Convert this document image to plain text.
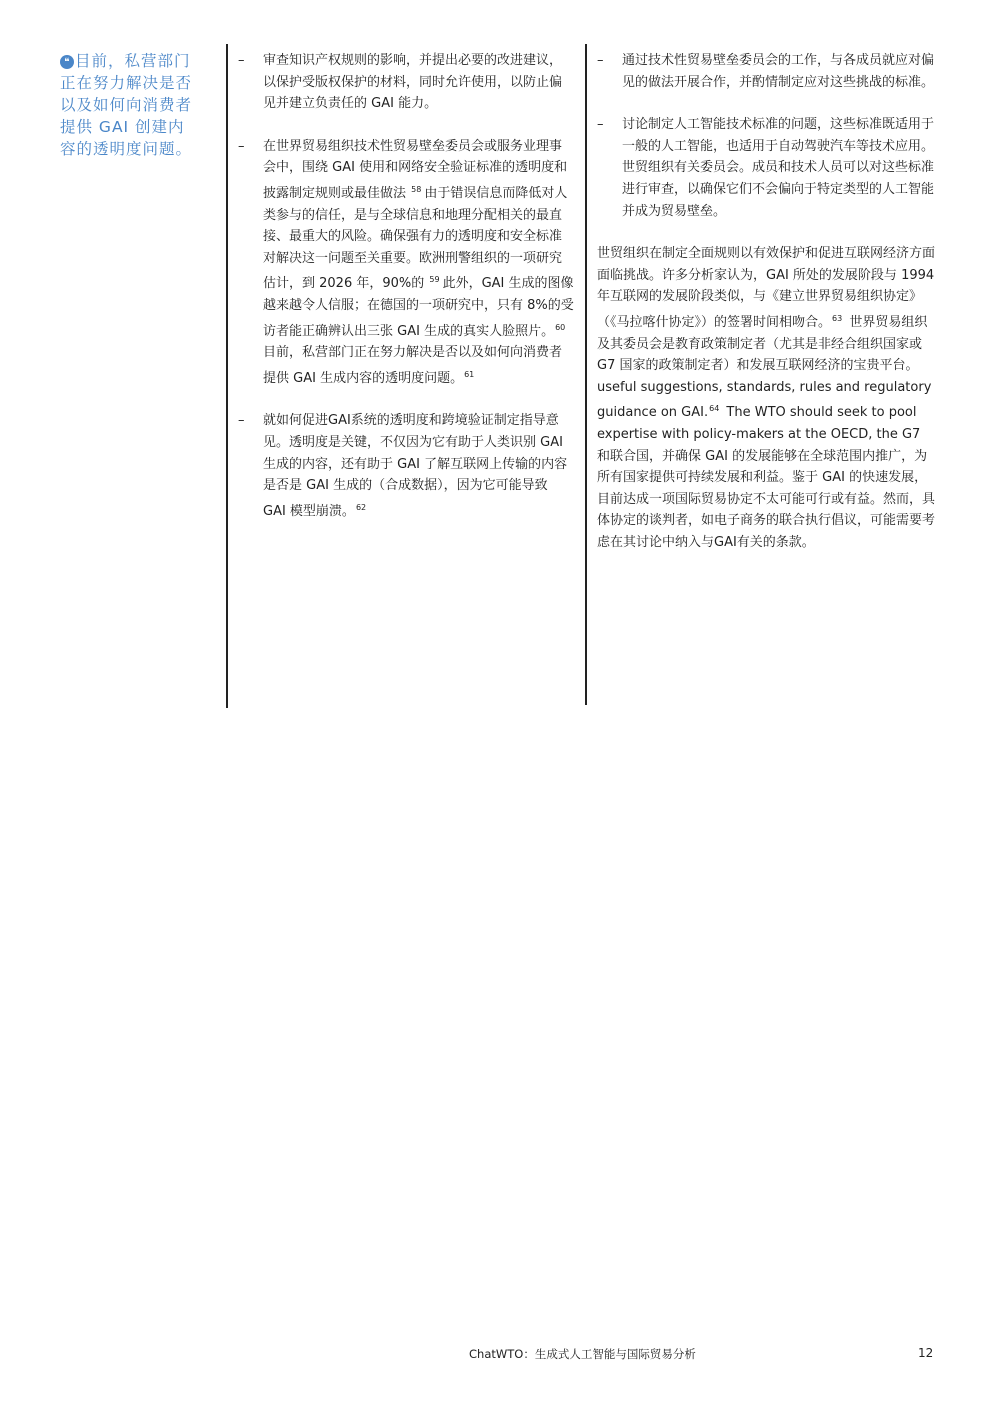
❝ 目前，私营部门正在努力解决是否以及如何向消费者提供 GAI 创建内容的透明度问题。
– 审查知识产权规则的影响，并提出必要的改进建议，以保护受版权保护的材料，同时允许使用，以防止偏见并建立负责任的 GAI 能力。
– 在世界贸易组织技术性贸易壁垒委员会或服务业理事会中，围绕 GAI 使用和网络安全验证标准的透明度和披露制定规则或最佳做法 $^{58}$ 由于错误信息而降低对人类参与的信任，是与全球信息和地理分配相关的最直接、最重大的风险。确保强有力的透明度和安全标准对解决这一问题至关重要。欧洲刑警组织的一项研究估计，到 2026 年，90%的 $^{59}$ 此外，GAI 生成的图像越来越令人信服；在德国的一项研究中，只有 8%的受访者能正确辨认出三张 GAI 生成的真实人脸照片。$^{60}$目前，私营部门正在努力解决是否以及如何向消费者提供 GAI 生成内容的透明度问题。$^{61}$
– 就如何促进GAI系统的透明度和跨境验证制定指导意见。透明度是关键，不仅因为它有助于人类识别 GAI 生成的内容，还有助于 GAI 了解互联网上传输的内容是否是 GAI 生成的（合成数据），因为它可能导致 GAI 模型崩溃。$^{62}$
– 通过技术性贸易壁垒委员会的工作，与各成员就应对偏见的做法开展合作，并酌情制定应对这些挑战的标准。
– 讨论制定人工智能技术标准的问题，这些标准既适用于一般的人工智能，也适用于自动驾驶汽车等技术应用。
世贸组织有关委员会。成员和技术人员可以对这些标准进行审查，以确保它们不会偏向于特定类型的人工智能并成为贸易壁垒。
世贸组织在制定全面规则以有效保护和促进互联网经济方面面临挑战。许多分析家认为，GAI 所处的发展阶段与 1994 年互联网的发展阶段类似，与《建立世界贸易组织协定》（《马拉喀什协定》）的签署时间相吻合。$^{63}$ 世界贸易组织及其委员会是教育政策制定者（尤其是非经合组织国家或 G7 国家的政策制定者）和发展互联网经济的宝贵平台。 useful suggestions, standards, rules and regulatory guidance on GAI.$^{64}$ The WTO should seek to pool expertise with policy-makers at the OECD, the G7 和联合国，并确保 GAI 的发展能够在全球范围内推广，为所有国家提供可持续发展和利益。鉴于 GAI 的快速发展，目前达成一项国际贸易协定不太可能可行或有益。然而，具体协定的谈判者，如电子商务的联合执行倡议，可能需要考虑在其讨论中纳入与GAI有关的条款。
ChatWTO：生成式人工智能与国际贸易分析	12
